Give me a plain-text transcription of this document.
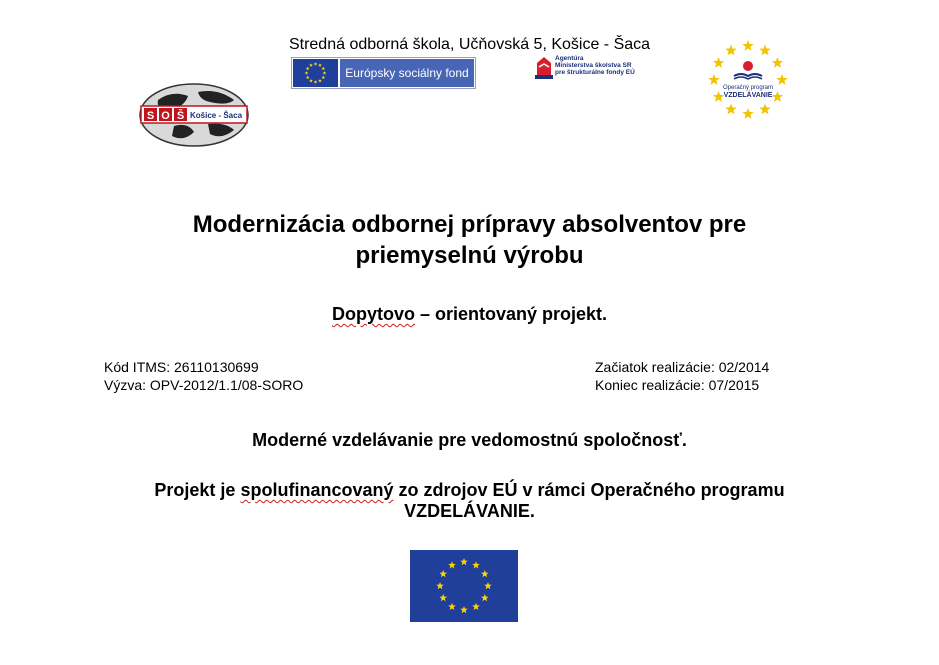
Stredná odborná škola, Učňovská 5, Košice - Šaca
Európsky sociálny fond
Agentúra
Ministerstva školstva SR
pre štrukturálne fondy EÚ
S O Š Košice - Šaca
Operačný program
VZDELÁVANIE
Modernizácia odbornej prípravy absolventov pre
priemyselnú výrobu
Dopytovo – orientovaný projekt.
Kód ITMS: 26110130699
Výzva: OPV-2012/1.1/08-SORO
Začiatok realizácie: 02/2014
Koniec realizácie: 07/2015
Moderné vzdelávanie pre vedomostnú spoločnosť.
Projekt je spolufinancovaný zo zdrojov EÚ v rámci Operačného programu
VZDELÁVANIE.
